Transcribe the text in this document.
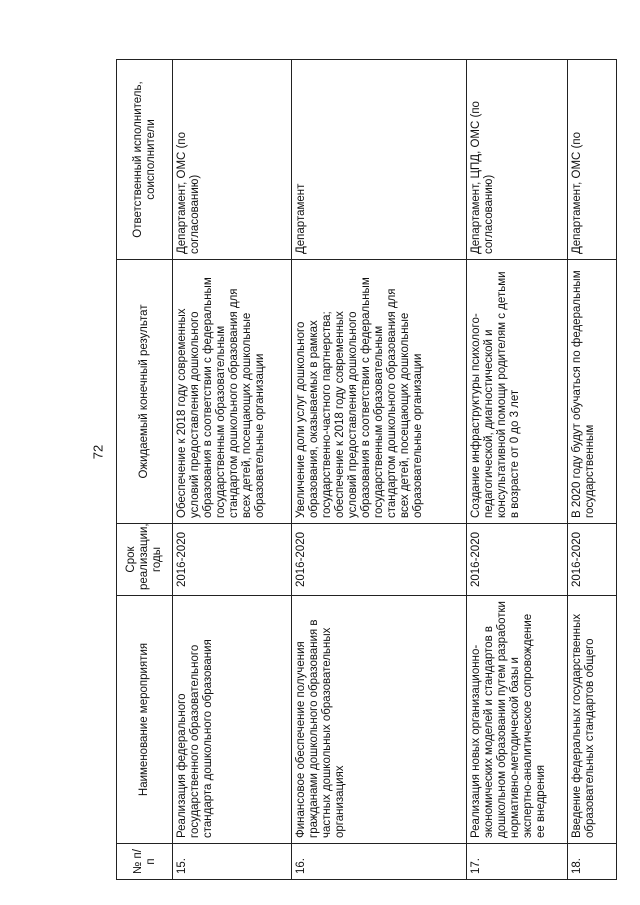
72
№ п/п	Наименование мероприятия	Срок реализации, годы	Ожидаемый конечный результат	Ответственный исполнитель, соисполнители
15.	Реализация федерального государственного образовательного стандарта дошкольного образования	2016-2020	Обеспечение к 2018 году современных условий предоставления дошкольного образования в соответствии с федеральным государственным образовательным стандартом дошкольного образования для всех детей, посещающих дошкольные образовательные организации	Департамент, ОМС (по согласованию)
16.	Финансовое обеспечение получения гражданами дошкольного образования в частных дошкольных образовательных организациях	2016-2020	Увеличение доли услуг дошкольного образования, оказываемых в рамках государственно-частного партнерства; обеспечение к 2018 году современных условий предоставления дошкольного образования в соответствии с федеральным государственным образовательным стандартом дошкольного образования для всех детей, посещающих дошкольные образовательные организации	Департамент
17.	Реализация новых организационно-экономических моделей и стандартов в дошкольном образовании путем разработки нормативно-методической базы и экспертно-аналитическое сопровождение ее внедрения	2016-2020	Создание инфраструктуры психолого-педагогической, диагностической и консультативной помощи родителям с детьми в возрасте от 0 до 3 лет	Департамент, ЦПД, ОМС (по согласованию)
18.	Введение федеральных государственных образовательных стандартов общего	2016-2020	В 2020 году будут обучаться по федеральным государственным	Департамент, ОМС (по
